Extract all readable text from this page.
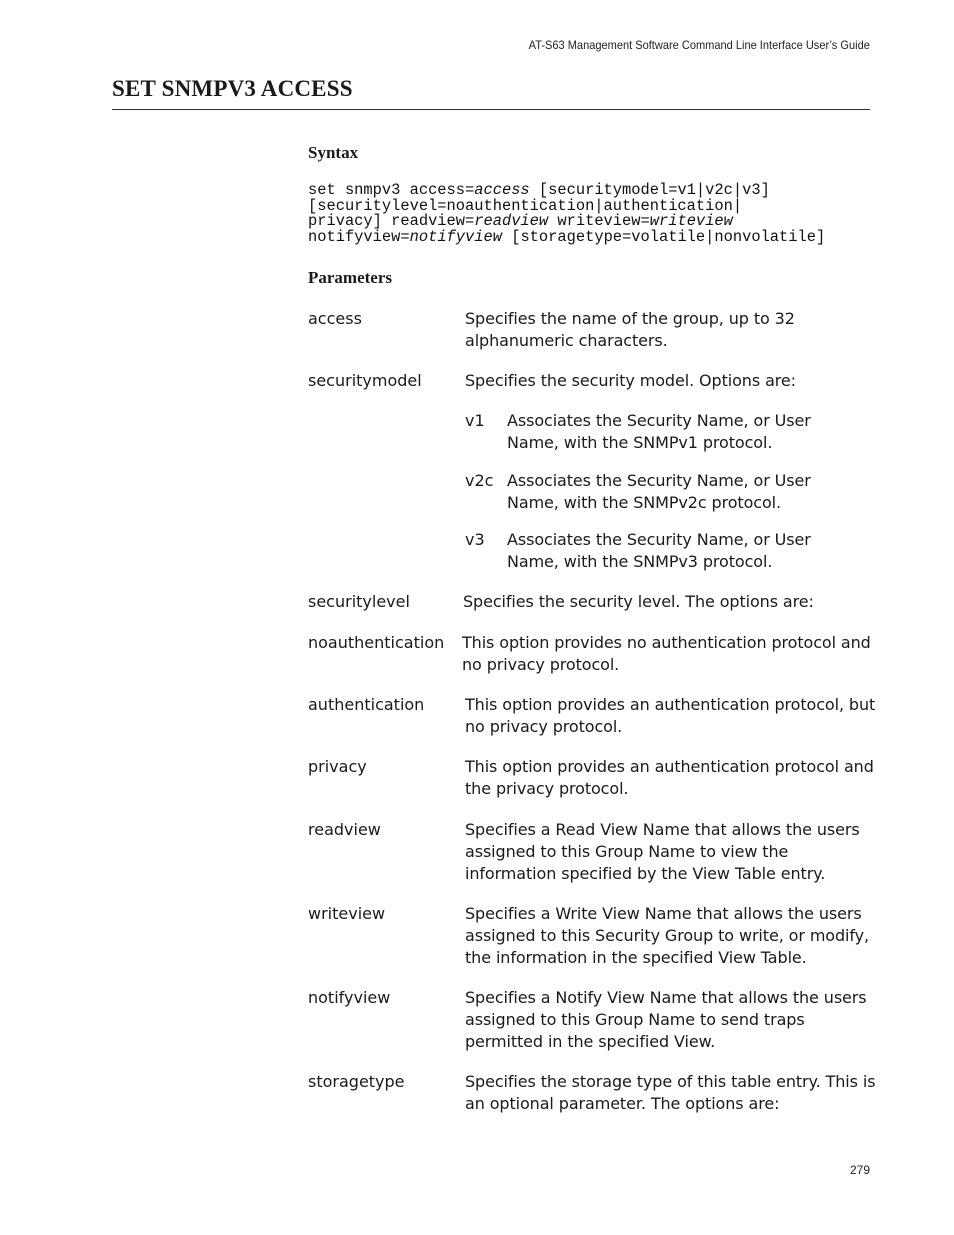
AT-S63 Management Software Command Line Interface User’s Guide
SET SNMPV3 ACCESS
Syntax
set snmpv3 access=access [securitymodel=v1|v2c|v3]
[securitylevel=noauthentication|authentication|
privacy] readview=readview writeview=writeview
notifyview=notifyview [storagetype=volatile|nonvolatile]
Parameters
access	Specifies the name of the group, up to 32
alphanumeric characters.
securitymodel	Specifies the security model. Options are:
v1 Associates the Security Name, or User
Name, with the SNMPv1 protocol.
v2c Associates the Security Name, or User
Name, with the SNMPv2c protocol.
v3 Associates the Security Name, or User
Name, with the SNMPv3 protocol.
securitylevel	Specifies the security level. The options are:
noauthentication This option provides no authentication protocol and
no privacy protocol.
authentication	This option provides an authentication protocol, but
no privacy protocol.
privacy	This option provides an authentication protocol and
the privacy protocol.
readview	Specifies a Read View Name that allows the users
assigned to this Group Name to view the
information specified by the View Table entry.
writeview	Specifies a Write View Name that allows the users
assigned to this Security Group to write, or modify,
the information in the specified View Table.
notifyview	Specifies a Notify View Name that allows the users
assigned to this Group Name to send traps
permitted in the specified View.
storagetype	Specifies the storage type of this table entry. This is
an optional parameter. The options are:
279
